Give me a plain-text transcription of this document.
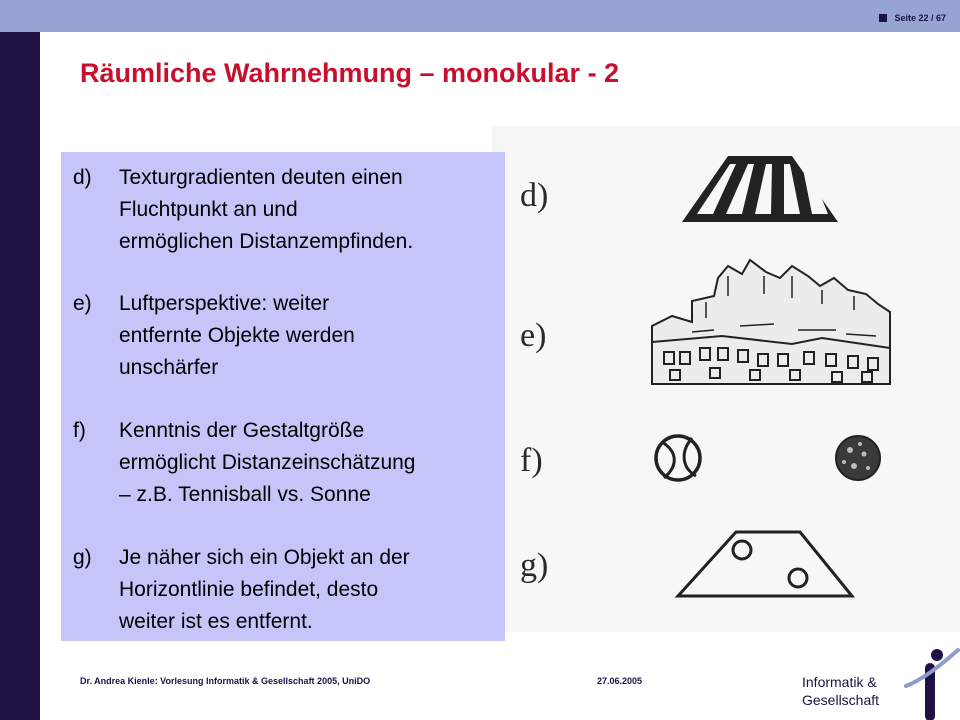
Seite 22 / 67
Räumliche Wahrnehmung – monokular - 2
d)
e)
f)
g)
d) Texturgradienten deuten einen
Fluchtpunkt an und
ermöglichen Distanzempfinden.
e) Luftperspektive: weiter
entfernte Objekte werden
unschärfer
f) Kenntnis der Gestaltgröße
ermöglicht Distanzeinschätzung
– z.B. Tennisball vs. Sonne
g) Je näher sich ein Objekt an der
Horizontlinie befindet, desto
weiter ist es entfernt.
Dr. Andrea Kienle: Vorlesung Informatik & Gesellschaft 2005, UniDO	27.06.2005	Informatik &
Gesellschaft
